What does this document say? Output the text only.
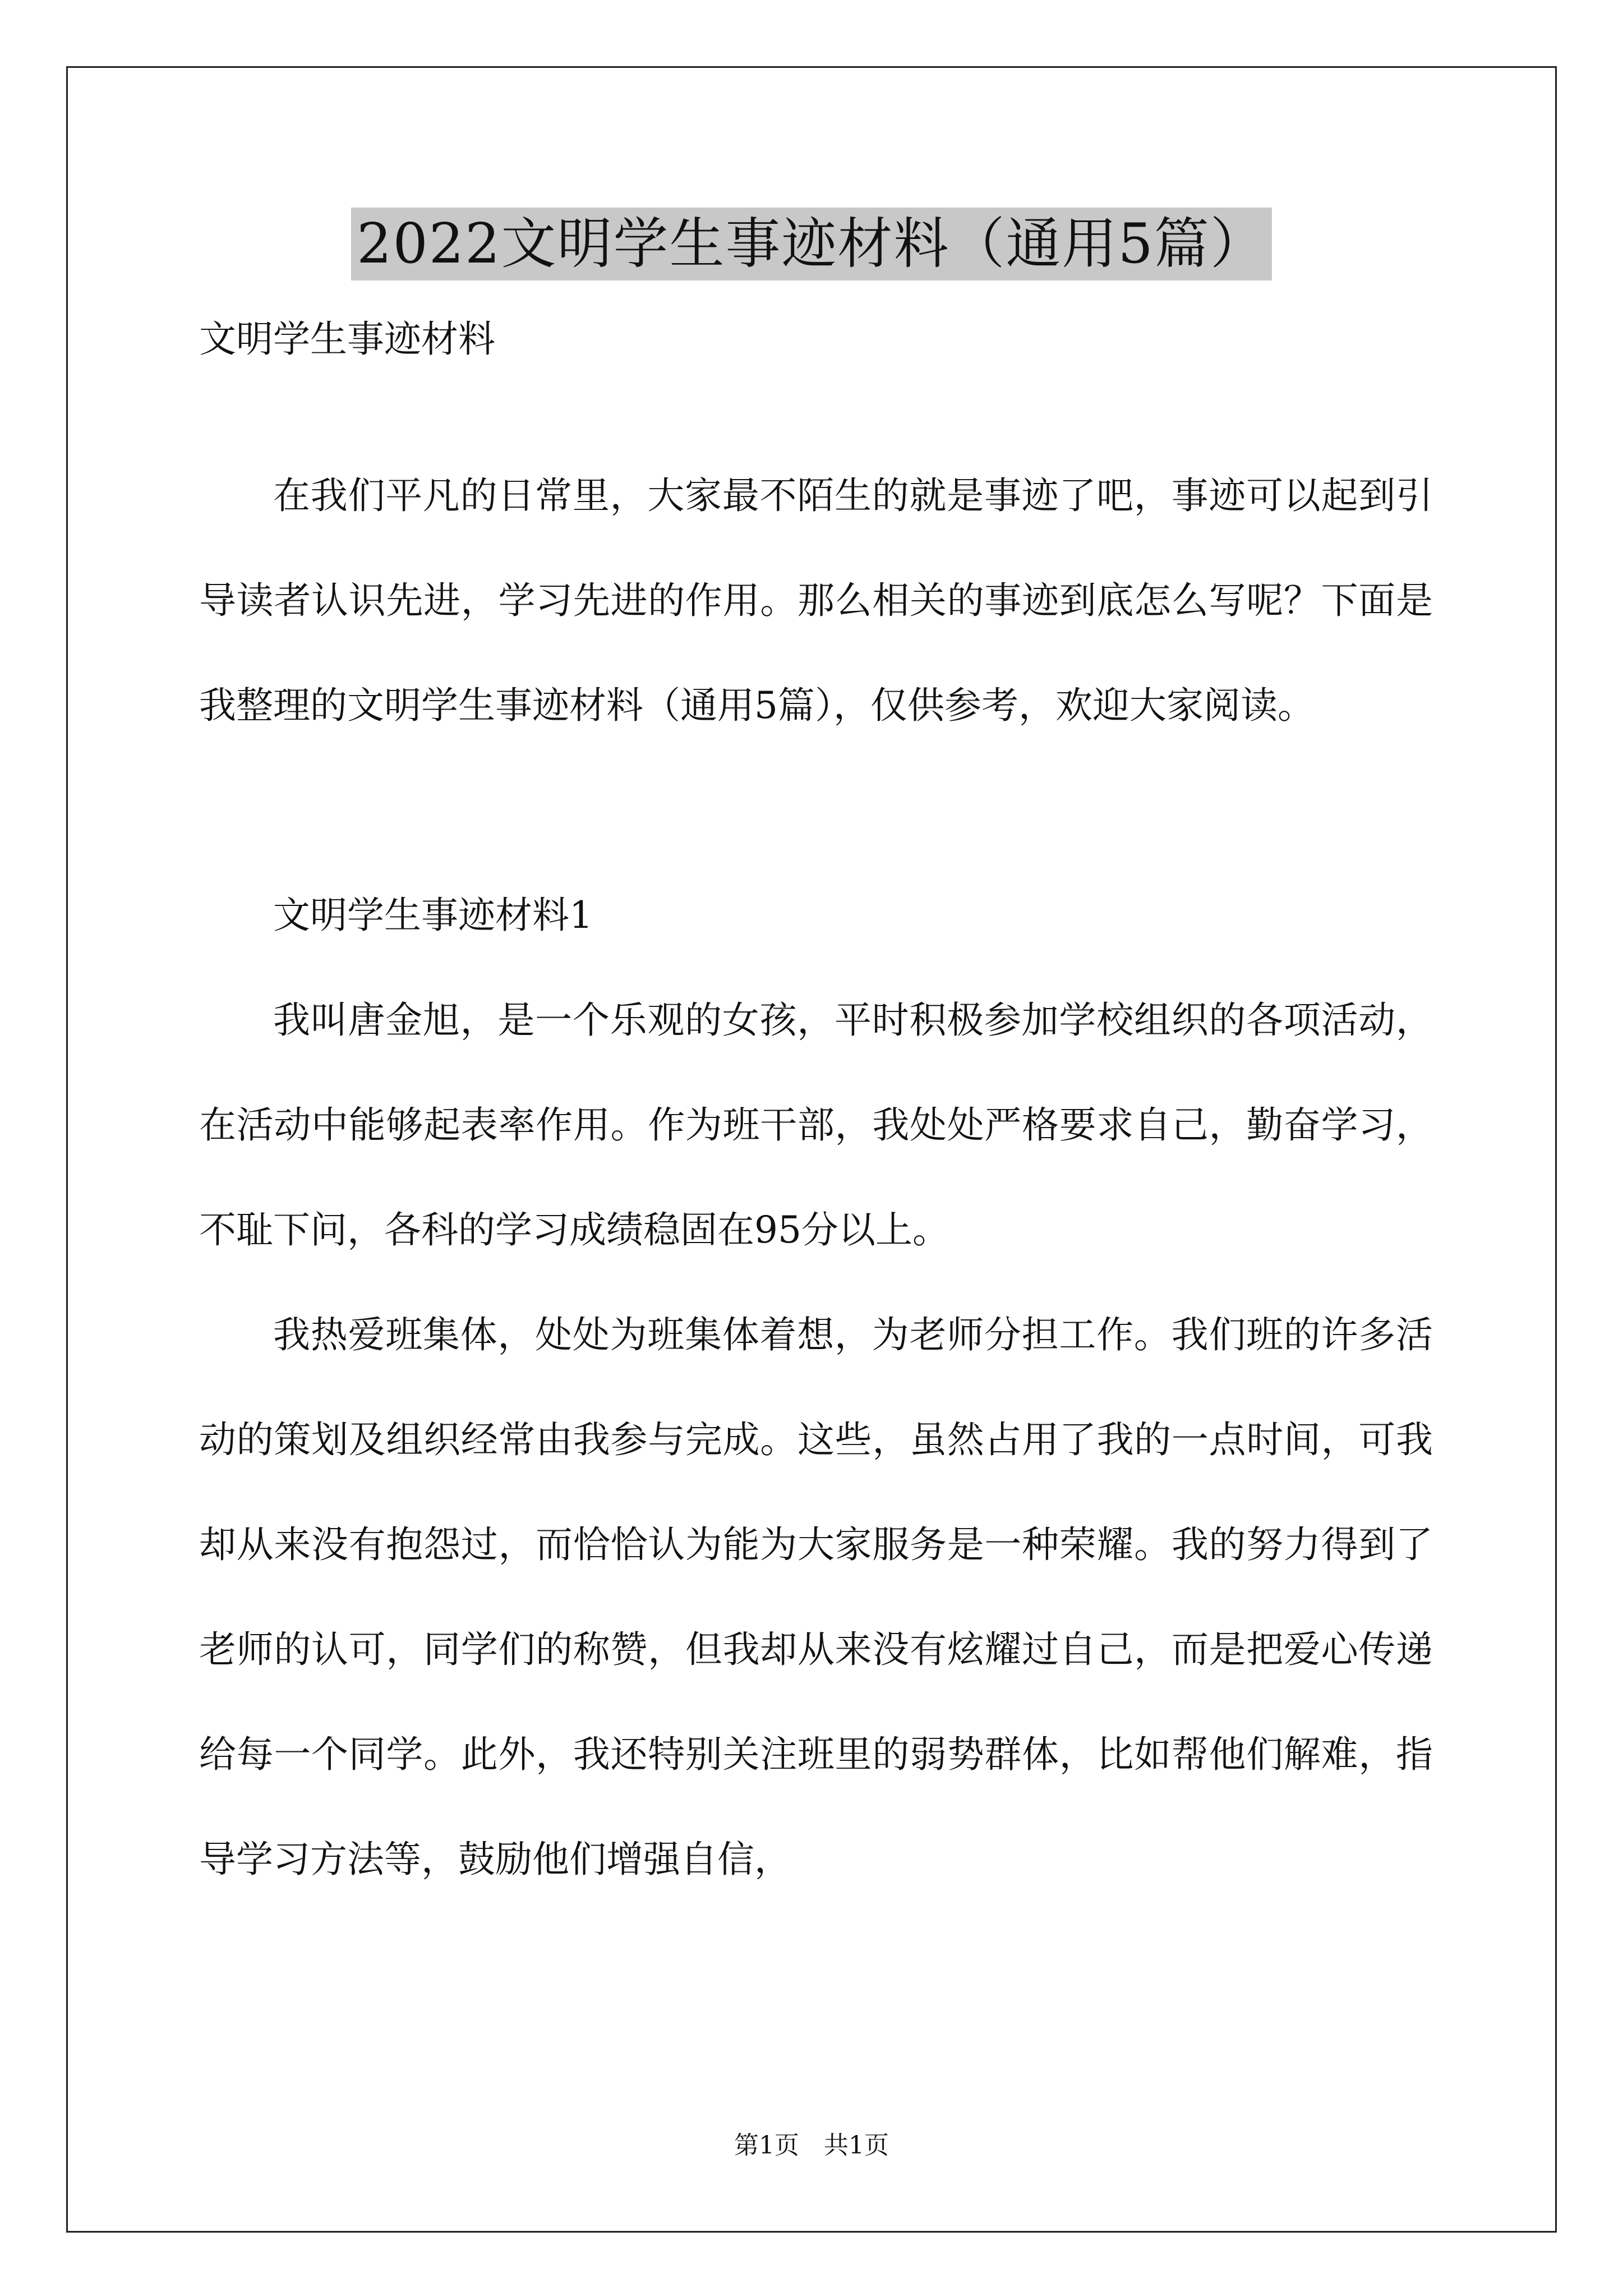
2022文明学生事迹材料（通用5篇）
文明学生事迹材料

在我们平凡的日常里，大家最不陌生的就是事迹了吧，事迹可以起到引导读者认识先进，学习先进的作用。那么相关的事迹到底怎么写呢？下面是我整理的文明学生事迹材料（通用5篇），仅供参考，欢迎大家阅读。

文明学生事迹材料1

我叫唐金旭，是一个乐观的女孩，平时积极参加学校组织的各项活动，在活动中能够起表率作用。作为班干部，我处处严格要求自己，勤奋学习，不耻下问，各科的学习成绩稳固在95分以上。

我热爱班集体，处处为班集体着想，为老师分担工作。我们班的许多活动的策划及组织经常由我参与完成。这些，虽然占用了我的一点时间，可我却从来没有抱怨过，而恰恰认为能为大家服务是一种荣耀。我的努力得到了老师的认可，同学们的称赞，但我却从来没有炫耀过自己，而是把爱心传递给每一个同学。此外，我还特别关注班里的弱势群体，比如帮他们解难，指导学习方法等，鼓励他们增强自信，

第1页　共1页
